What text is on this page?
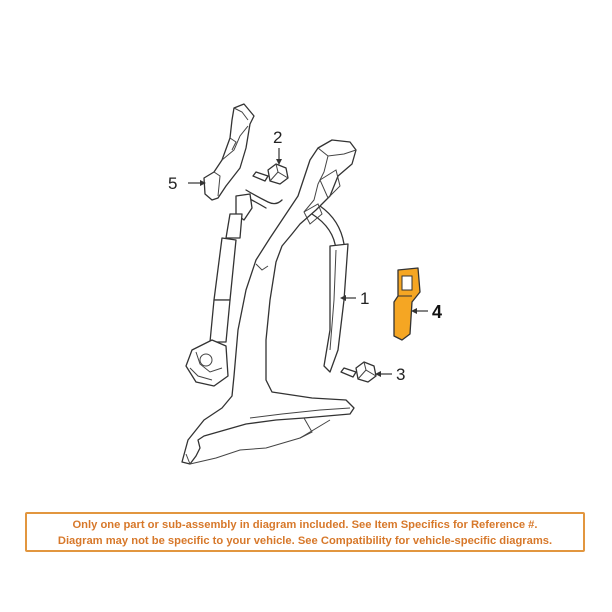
5
2
1
3
4
Only one part or sub-assembly in diagram included. See Item Specifics for Reference #.
Diagram may not be specific to your vehicle. See Compatibility for vehicle-specific diagrams.
